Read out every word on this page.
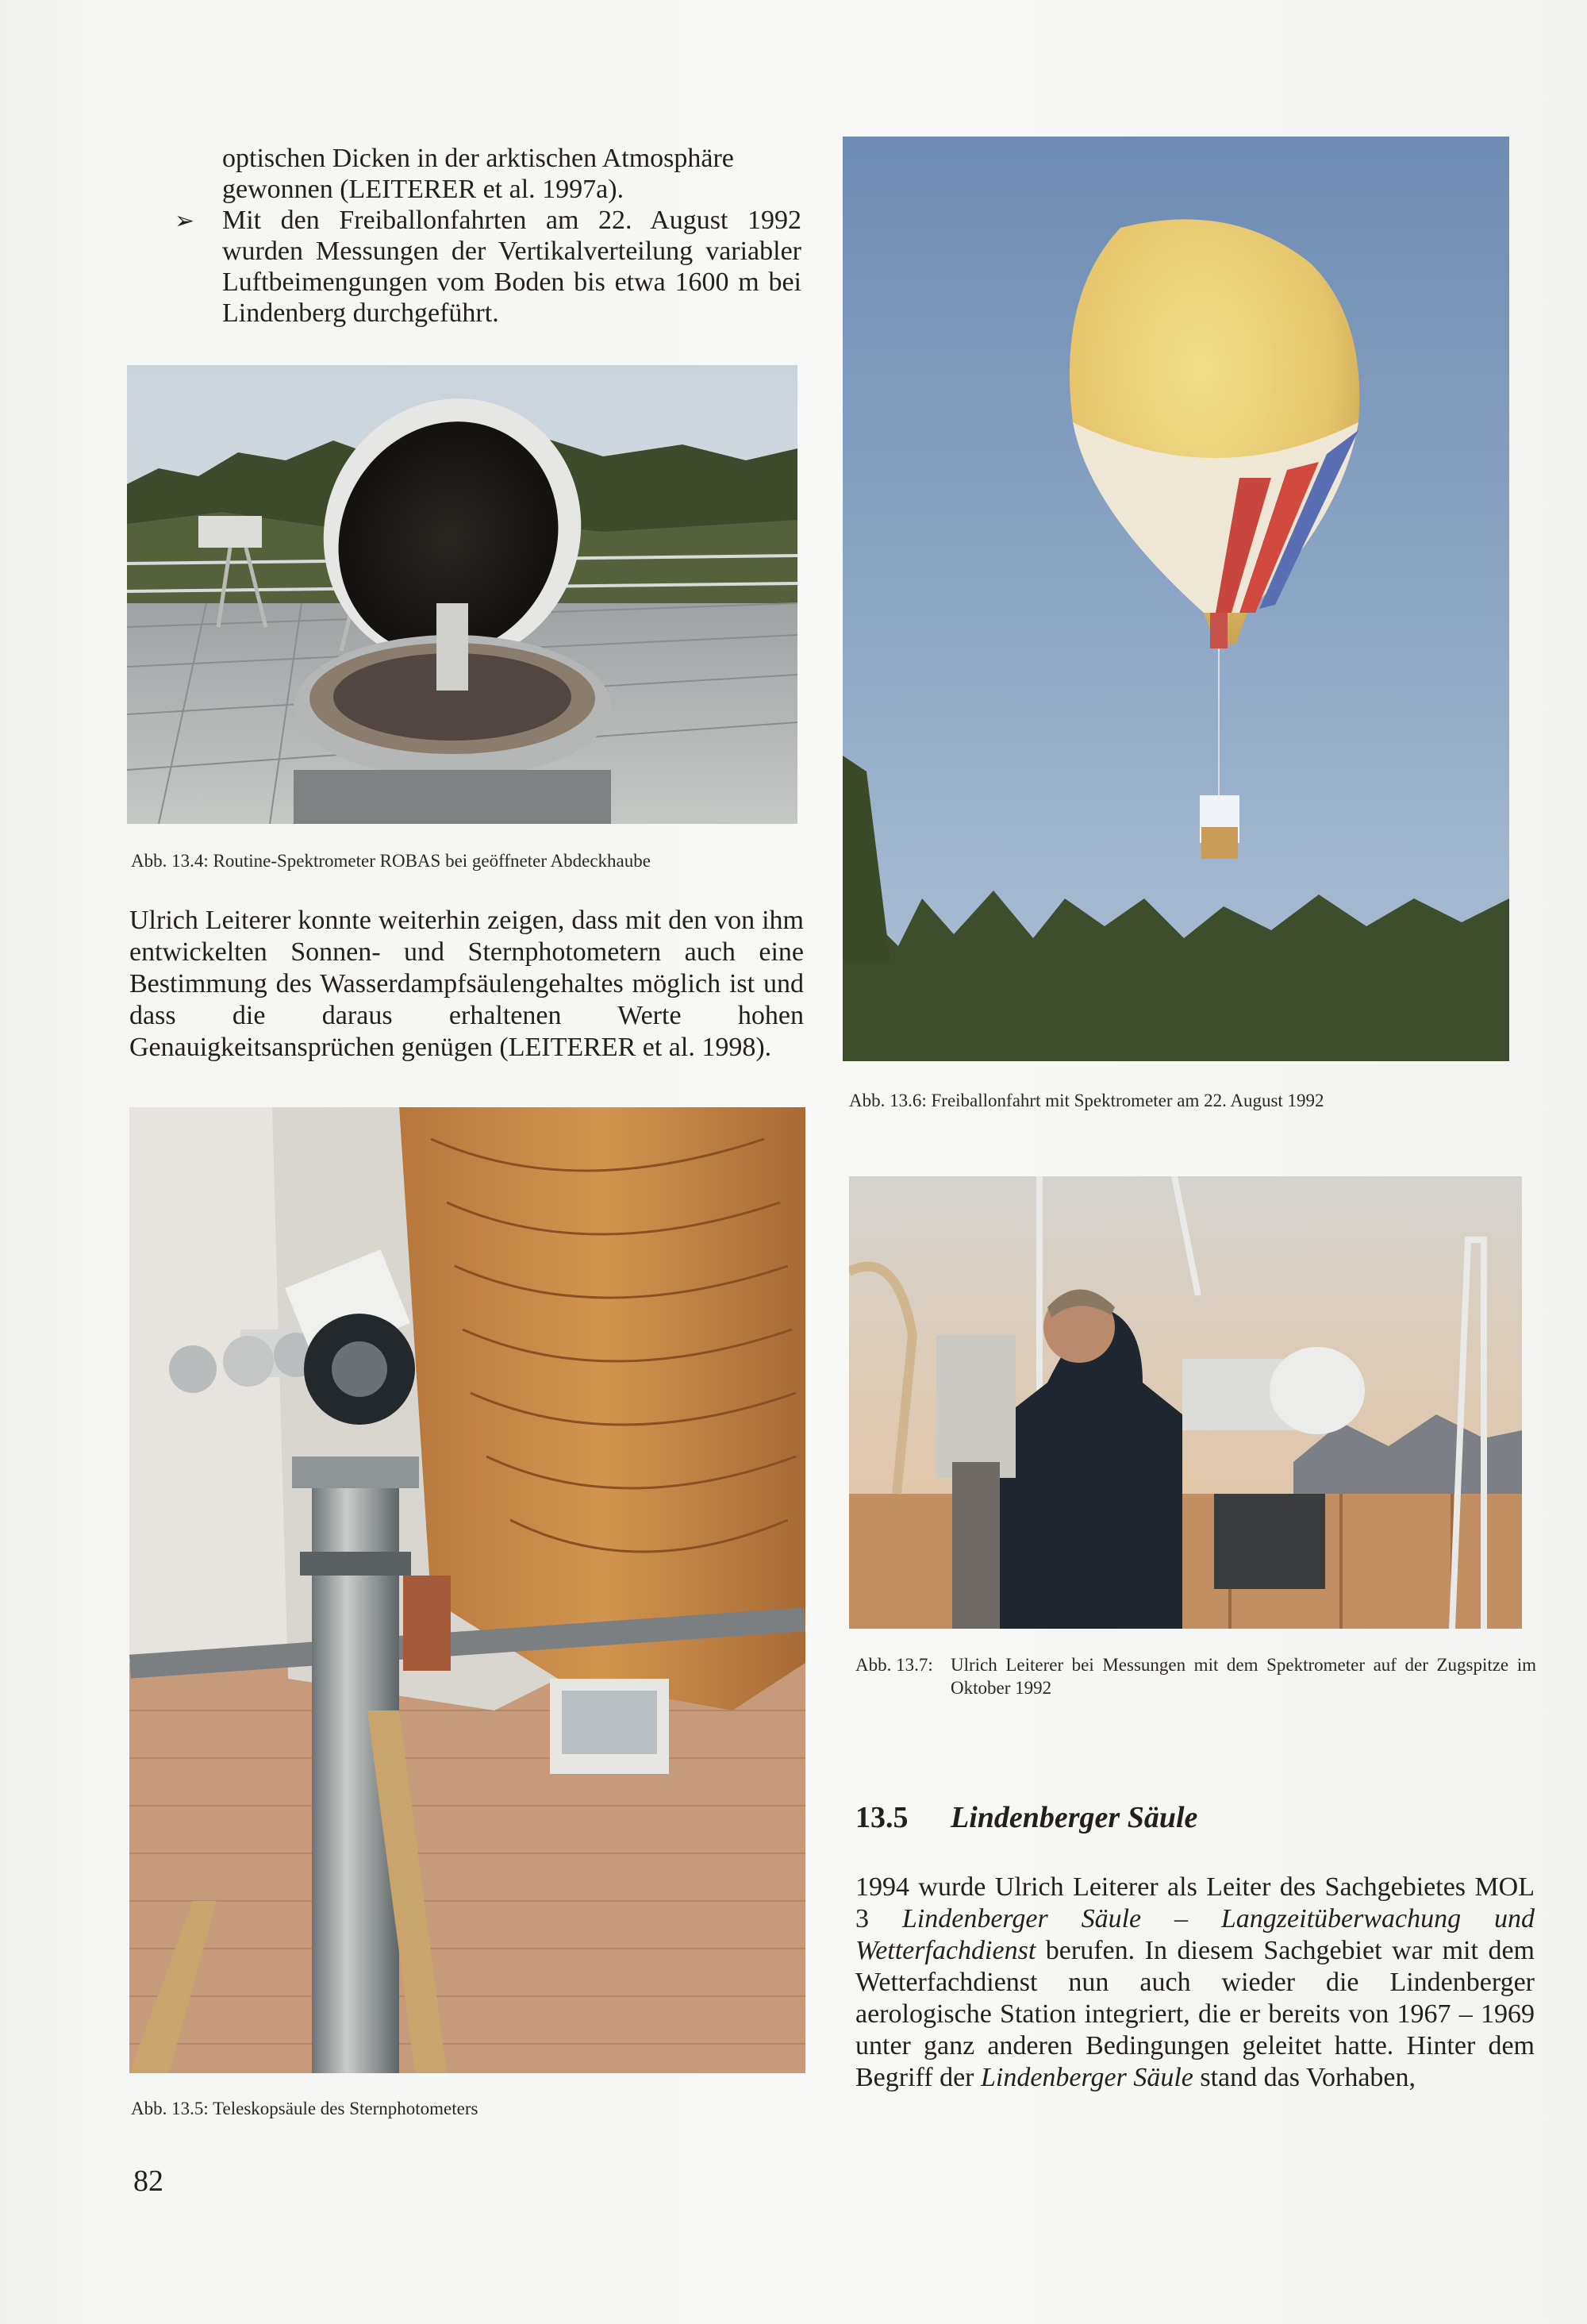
optischen Dicken in der arktischen Atmosphäre
gewonnen (LEITERER et al. 1997a).
➢ Mit den Freiballonfahrten am 22. August 1992 wurden Messungen der Vertikalverteilung variabler Luftbeimengungen vom Boden bis etwa 1600 m bei Lindenberg durchgeführt.
Abb. 13.4: Routine-Spektrometer ROBAS bei geöffneter Abdeckhaube
Ulrich Leiterer konnte weiterhin zeigen, dass mit den von ihm entwickelten Sonnen- und Sternphotometern auch eine Bestimmung des Wasserdampfsäulengehaltes möglich ist und dass die daraus erhaltenen Werte hohen Genauigkeitsansprüchen genügen (LEITERER et al. 1998).
Abb. 13.5: Teleskopsäule des Sternphotometers
Abb. 13.6: Freiballonfahrt mit Spektrometer am 22. August 1992
Abb. 13.7: Ulrich Leiterer bei Messungen mit dem Spektrometer auf der Zugspitze im Oktober 1992
13.5 Lindenberger Säule

1994 wurde Ulrich Leiterer als Leiter des Sachgebietes MOL 3 Lindenberger Säule – Langzeitüberwachung und Wetterfachdienst berufen. In diesem Sachgebiet war mit dem Wetterfachdienst nun auch wieder die Lindenberger aerologische Station integriert, die er bereits von 1967 – 1969 unter ganz anderen Bedingungen geleitet hatte. Hinter dem Begriff der Lindenberger Säule stand das Vorhaben,

82
